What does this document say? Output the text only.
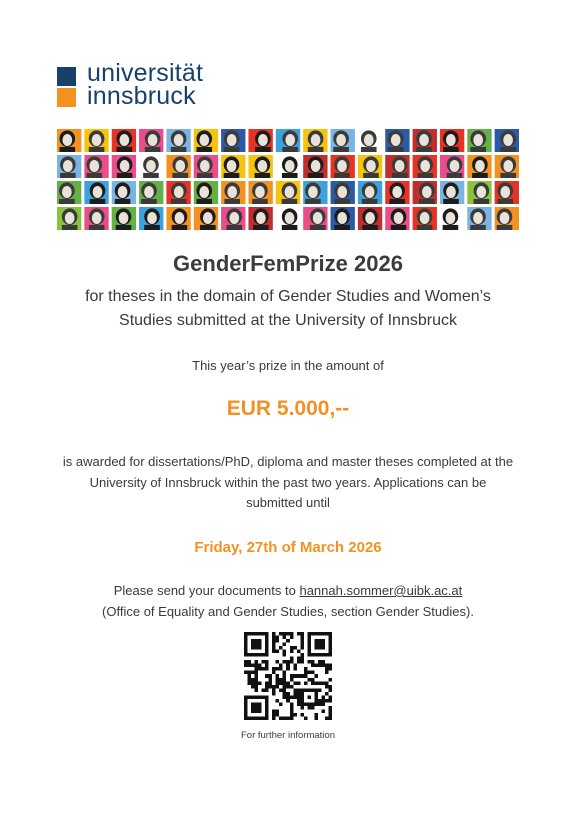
universität
innsbruck
GenderFemPrize 2026
for theses in the domain of Gender Studies and Women’s
Studies submitted at the University of Innsbruck
This year’s prize in the amount of
EUR 5.000,--
is awarded for dissertations/PhD, diploma and master theses completed at the
University of Innsbruck within the past two years. Applications can be
submitted until
Friday, 27th of March 2026
Please send your documents to hannah.sommer@uibk.ac.at
(Office of Equality and Gender Studies, section Gender Studies).
For further information
